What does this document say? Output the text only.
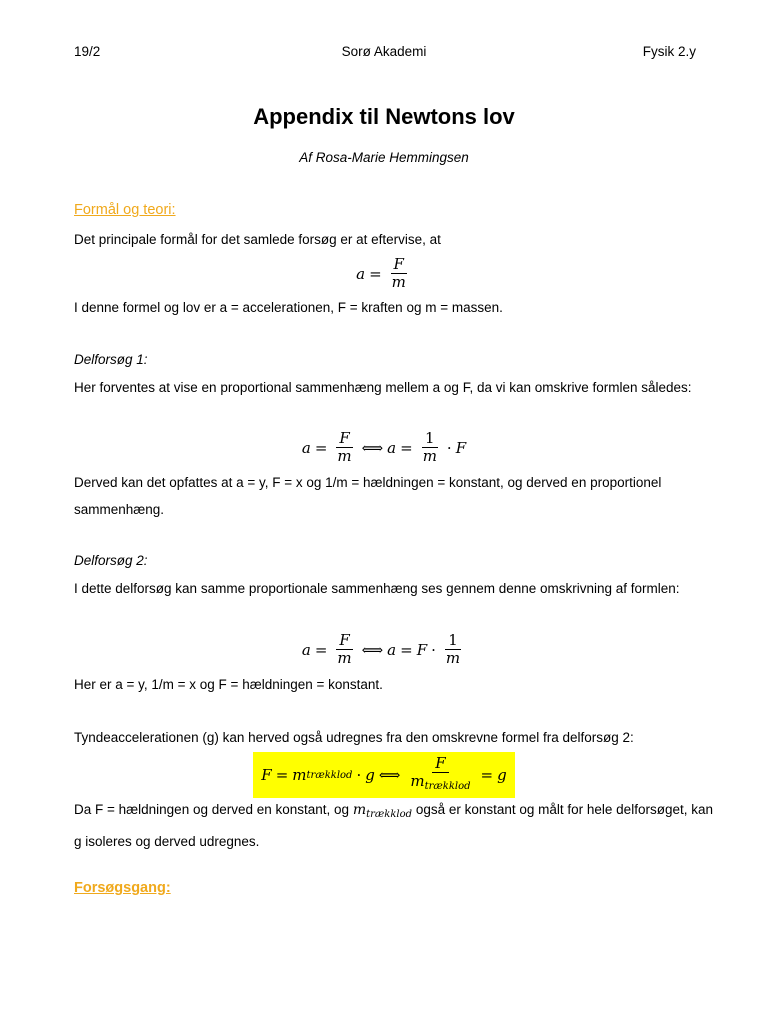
19/2	Sorø Akademi	Fysik 2.y
Appendix til Newtons lov
Af Rosa-Marie Hemmingsen
Formål og teori:
Det principale formål for det samlede forsøg er at eftervise, at
$a = \frac{F}{m}$
I denne formel og lov er a = accelerationen, F = kraften og m = massen.
Delforsøg 1:
Her forventes at vise en proportional sammenhæng mellem a og F, da vi kan omskrive formlen således:
$a = \frac{F}{m}$ ⟺ $a = \frac{1}{m} \cdot F$
Derved kan det opfattes at a = y, F = x og 1/m = hældningen = konstant, og derved en proportionel sammenhæng.
Delforsøg 2:
I dette delforsøg kan samme proportionale sammenhæng ses gennem denne omskrivning af formlen:
$a = \frac{F}{m}$ ⟺ $a = F \cdot \frac{1}{m}$
Her er a = y, 1/m = x og F = hældningen = konstant.
Tyndeaccelerationen (g) kan herved også udregnes fra den omskrevne formel fra delforsøg 2:
F = m trækklod · g ⟺ $\frac{F}{m_{trækklod}} = g$
Da F = hældningen og derved en konstant, og $m_{trækklod}$ også er konstant og målt for hele delforsøget, kan g isoleres og derved udregnes.
Forsøgsgang:
